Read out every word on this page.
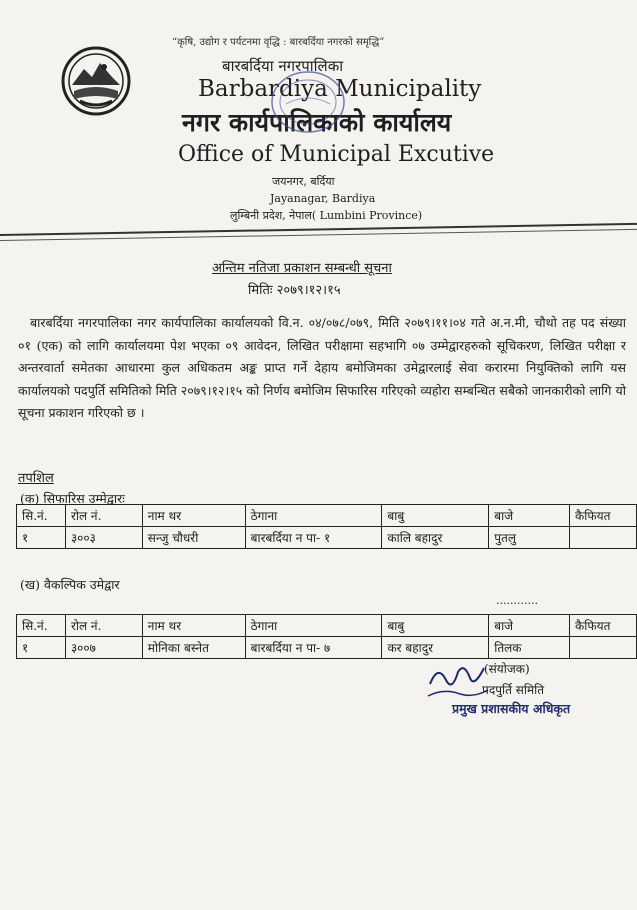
“कृषि, उद्योग र पर्यटनमा वृद्धि : बारबर्दिया नगरको समृद्धि”
बारबर्दिया नगरपालिका
Barbardiya Municipality
नगर कार्यपालिकाको कार्यालय
Office of Municipal Excutive
जयनगर, बर्दिया
Jayanagar, Bardiya
लुम्बिनी प्रदेश, नेपाल( Lumbini Province)
अन्तिम नतिजा प्रकाशन सम्बन्धी सूचना
मितिः २०७९।१२।१५
बारबर्दिया नगरपालिका नगर कार्यपालिका कार्यालयको वि.न. ०४/०७८/०७९, मिति २०७९।११।०४ गते अ.न.मी, चौथो तह पद संख्या ०१ (एक) को लागि कार्यालयमा पेश भएका ०९ आवेदन, लिखित परीक्षामा सहभागि ०७ उम्मेद्वारहरुको सूचिकरण, लिखित परीक्षा र अन्तरवार्ता समेतका आधारमा कुल अधिकतम अङ्क प्राप्त गर्ने देहाय बमोजिमका उमेद्वारलाई सेवा करारमा नियुक्तिको लागि यस कार्यालयको पदपुर्ति समितिको मिति २०७९।१२।१५ को निर्णय बमोजिम सिफारिस गरिएको व्यहोरा सम्बन्धित सबैको जानकारीको लागि यो सूचना प्रकाशन गरिएको छ ।
तपशिल
(क) सिफारिस उम्मेद्वारः
सि.नं.	रोल नं.	नाम थर	ठेगाना	बाबु	बाजे	कैफियत
१	३००३	सन्जु चौधरी	बारबर्दिया न पा- १	कालि बहादुर	पुतलु	
(ख) वैकल्पिक उमेद्वार
............
सि.नं.	रोल नं.	नाम थर	ठेगाना	बाबु	बाजे	कैफियत
१	३००७	मोनिका बस्नेत	बारबर्दिया न पा- ७	कर बहादुर	तिलक	
(संयोजक)
पदपुर्ति समिति
प्रमुख प्रशासकीय अधिकृत
